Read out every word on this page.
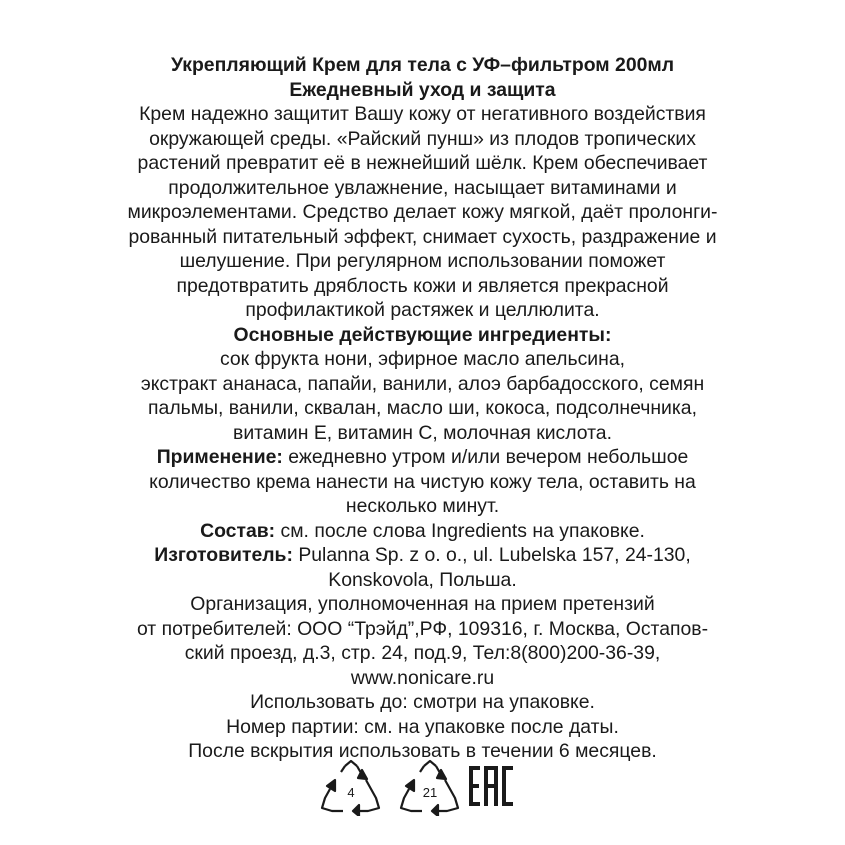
Укрепляющий Крем для тела с УФ–фильтром 200мл
Ежедневный уход и защита
Крем надежно защитит Вашу кожу от негативного воздействия
окружающей среды. «Райский пунш» из плодов тропических
растений превратит её в нежнейший шёлк. Крем обеспечивает
продолжительное увлажнение, насыщает витаминами и
микроэлементами. Средство делает кожу мягкой, даёт пролонги-
рованный питательный эффект, снимает сухость, раздражение и
шелушение. При регулярном использовании поможет
предотвратить дряблость кожи и является прекрасной
профилактикой растяжек и целлюлита.
Основные действующие ингредиенты:
сок фрукта нони, эфирное масло апельсина,
экстракт ананаса, папайи, ванили, алоэ барбадосского, семян
пальмы, ванили, сквалан, масло ши, кокоса, подсолнечника,
витамин Е, витамин С, молочная кислота.
Применение: ежедневно утром и/или вечером небольшое
количество крема нанести на чистую кожу тела, оставить на
несколько минут.
Состав: см. после слова Ingredients на упаковке.
Изготовитель: Pulanna Sp. z o. o., ul. Lubelska 157, 24-130,
Konskovola, Польша.
Организация, уполномоченная на прием претензий
от потребителей: ООО “Трэйд”,РФ, 109316, г. Москва, Остапов-
ский проезд, д.3, стр. 24, под.9, Тел:8(800)200-36-39,
www.nonicare.ru
Использовать до: смотри на упаковке.
Номер партии: см. на упаковке после даты.
После вскрытия использовать в течении 6 месяцев.
4	21
